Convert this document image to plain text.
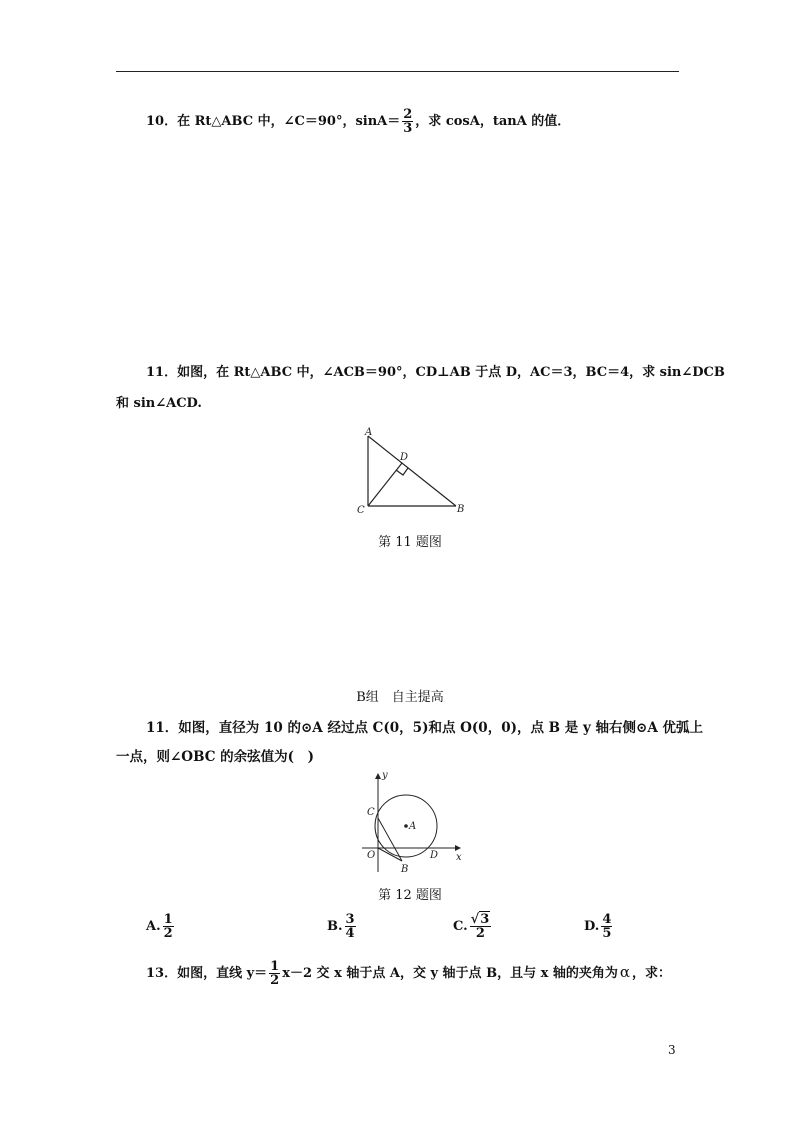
10．在 Rt△ABC 中，∠C＝90°，$\sin A= \frac{2}{3}$ ，求 cosA，tanA 的值．
11．如图，在 Rt△ABC 中，∠ACB＝90°，CD⊥AB 于点 D，AC＝3，BC＝4，求 sin∠DCB
和 sin∠ACD.
A
D
C	B
第 11 题图
B组　自主提高
11．如图，直径为 10 的⊙A 经过点 C(0，5)和点 O(0，0)，点 B 是 y 轴右侧⊙A 优弧上
一点，则∠OBC 的余弦值为(　)
y
x
C
A
O
B
D
第 12 题图
A. $\frac{1}{2}$	B. $\frac{3}{4}$	C. $\frac{√3}{2}$	D. $\frac{4}{5}$
13．如图，直线 $y= \frac{1}{2} x-2$ 交 x 轴于点 A，交 y 轴于点 B，且与 x 轴的夹角为 α ，求：
3
